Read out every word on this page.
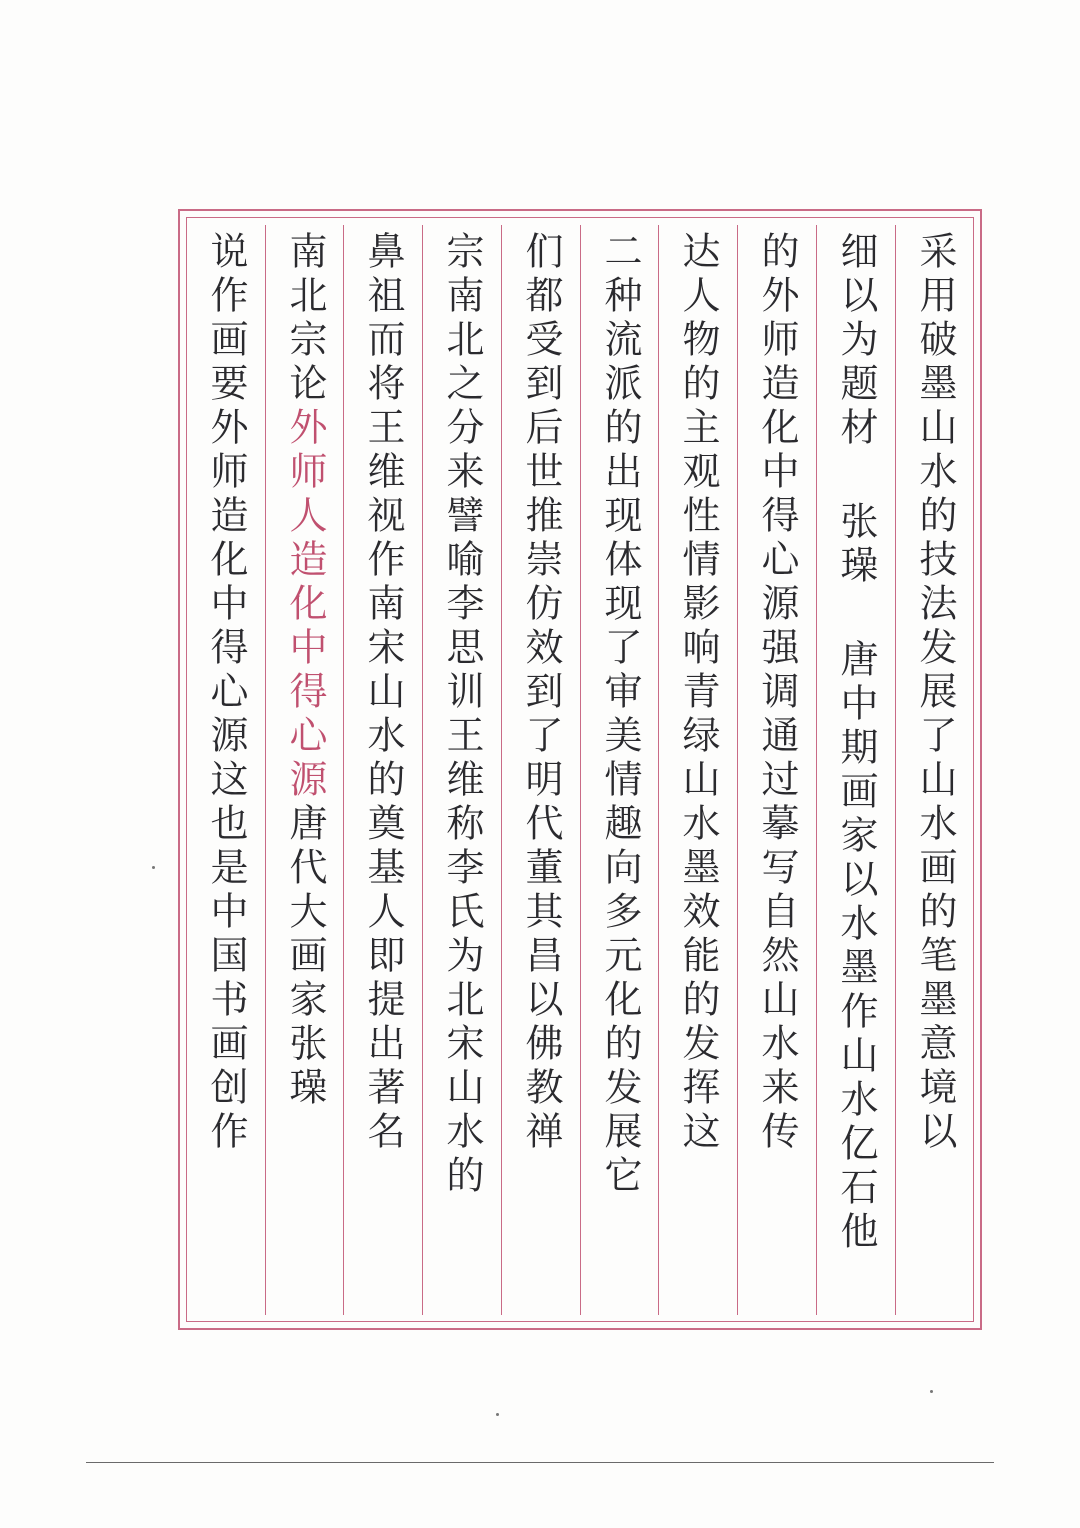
采用破墨山水的技法发展了山水画的笔墨意境以
细以为题材 张璪 唐中期画家以水墨作山水亿石他
的外师造化中得心源强调通过摹写自然山水来传
达人物的主观性情影响青绿山水墨效能的发挥这
二种流派的出现体现了审美情趣向多元化的发展它
们都受到后世推崇仿效到了明代董其昌以佛教禅
宗南北之分来譬喻李思训王维称李氏为北宋山水的
鼻祖而将王维视作南宋山水的奠基人即提出著名
南北宗论外师人造化中得心源唐代大画家张璪
说作画要外师造化中得心源这也是中国书画创作
